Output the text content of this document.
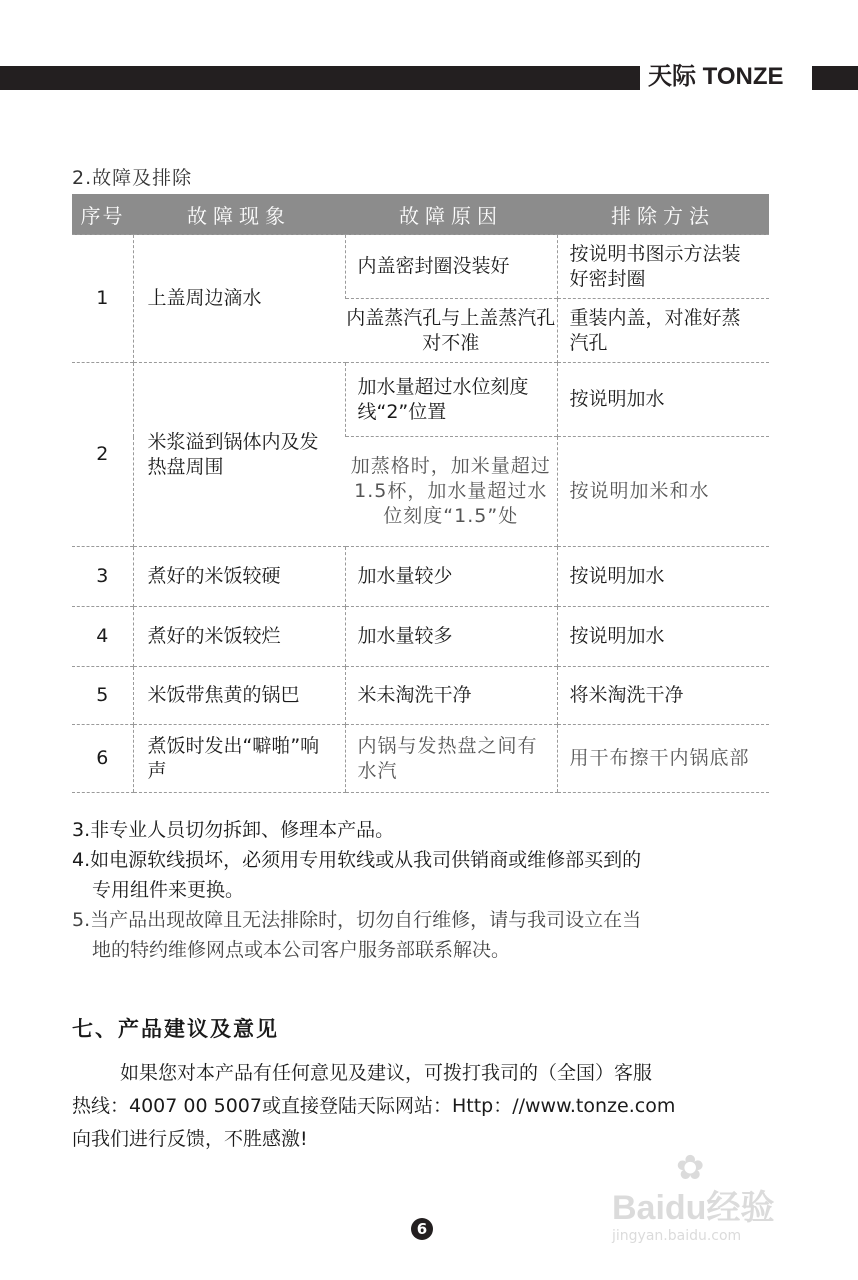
天际 TONZE
2.故障及排除
序号	故障现象	故障原因	排除方法
1	上盖周边滴水	内盖密封圈没装好	按说明书图示方法装好密封圈
		内盖蒸汽孔与上盖蒸汽孔对不准	重装内盖，对准好蒸汽孔
2	米浆溢到锅体内及发热盘周围	加水量超过水位刻度线“2”位置	按说明加水
		加蒸格时，加米量超过1.5杯，加水量超过水位刻度“1.5”处	按说明加米和水
3	煮好的米饭较硬	加水量较少	按说明加水
4	煮好的米饭较烂	加水量较多	按说明加水
5	米饭带焦黄的锅巴	米未淘洗干净	将米淘洗干净
6	煮饭时发出“噼啪”响声	内锅与发热盘之间有水汽	用干布擦干内锅底部

3.非专业人员切勿拆卸、修理本产品。

4.如电源软线损坏，必须用专用软线或从我司供销商或维修部买到的

专用组件来更换。

5.当产品出现故障且无法排除时，切勿自行维修，请与我司设立在当

地的特约维修网点或本公司客户服务部联系解决。

七、产品建议及意见
如果您对本产品有任何意见及建议，可拨打我司的（全国）客服
热线：4007 00 5007或直接登陆天际网站：Http：//www.tonze.com
向我们进行反馈，不胜感激!
6
✿
Baidu经验
jingyan.baidu.com
